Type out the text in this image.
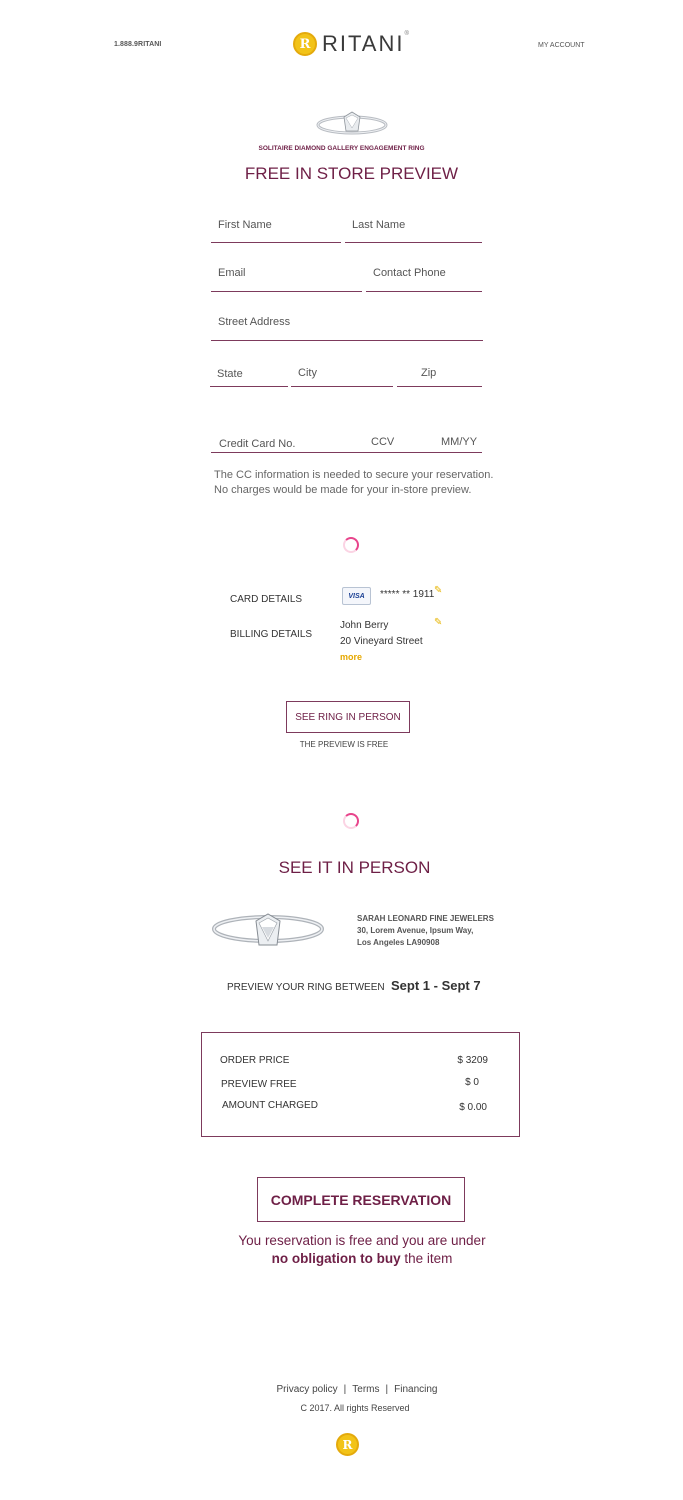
1.888.9RITANI	R RITANI®
MY ACCOUNT
SOLITAIRE DIAMOND GALLERY ENGAGEMENT RING
FREE IN STORE PREVIEW
First Name
Last Name
Email
Contact Phone
Street Address
State
City
Zip
Credit Card No.
CCV
MM/YY
The CC information is needed to secure your reservation.
No charges would be made for your in-store preview.
CARD DETAILS	VISA	***** ** 1911 ✎
BILLING DETAILS
John Berry	✎
20 Vineyard Street
more
SEE RING IN PERSON
THE PREVIEW IS FREE
SEE IT IN PERSON
SARAH LEONARD FINE JEWELERS
30, Lorem Avenue, Ipsum Way,
Los Angeles LA90908
PREVIEW YOUR RING BETWEEN Sept 1 - Sept 7
ORDER PRICE	$ 3209
PREVIEW FREE	$ 0
AMOUNT CHARGED	$ 0.00
COMPLETE RESERVATION
You reservation is free and you are under
no obligation to buy the item
Privacy policy | Terms | Financing
C 2017. All rights Reserved
R
